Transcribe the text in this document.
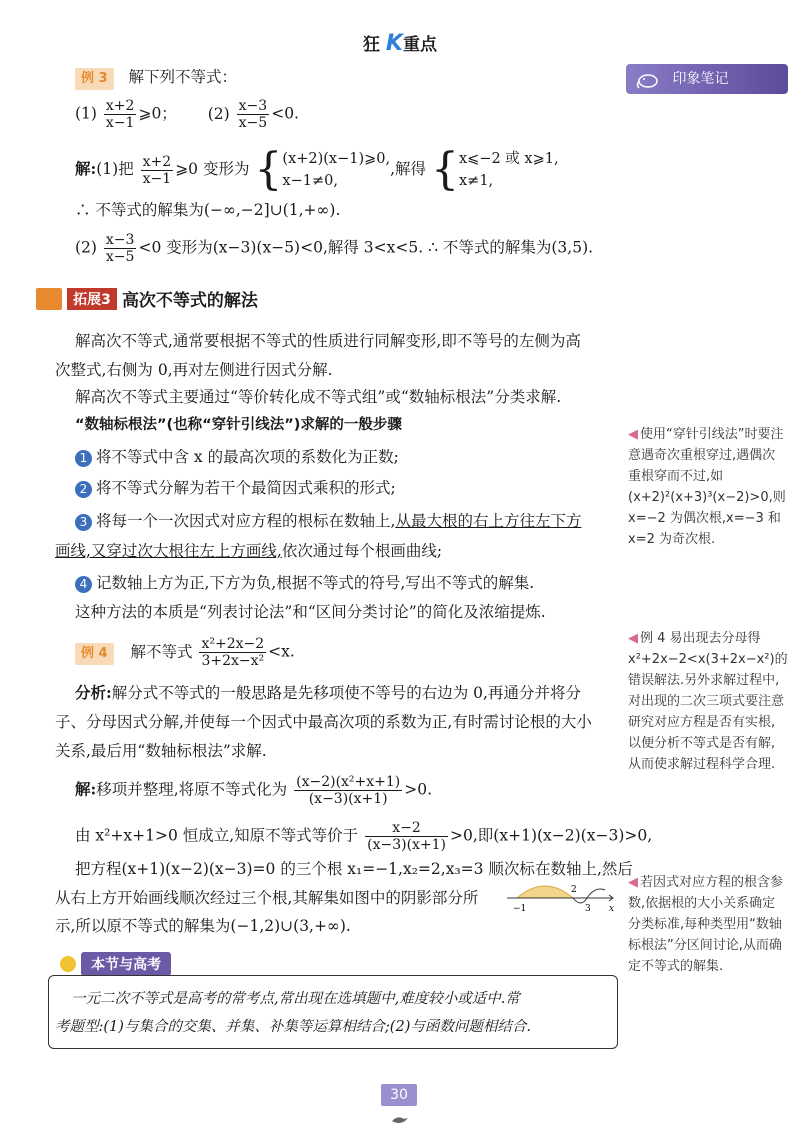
狂 K重点
印象笔记
例 3 解下列不等式：
$(1) \frac{x+2}{x-1}$ ⩾0； $(2) \frac{x-3}{x-5} <0$.
解:(1)把 $\frac{x+2}{x-1}$ ⩾0 变形为 { (x+2)(x−1)⩾0,
x−1≠0,
,解得 { x⩽−2 或 x⩾1,
x≠1,
∴ 不等式的解集为(−∞,−2]∪(1,+∞).
$(2) \frac{x-3}{x-5} <0$ 变形为(x−3)(x−5)<0,解得 3<x<5. ∴ 不等式的解集为(3,5).
拓展3 高次不等式的解法
解高次不等式,通常要根据不等式的性质进行同解变形,即不等号的左侧为高
次整式,右侧为 0,再对左侧进行因式分解.
解高次不等式主要通过“等价转化成不等式组”或“数轴标根法”分类求解.
“数轴标根法”(也称“穿针引线法”)求解的一般步骤
1 将不等式中含 x 的最高次项的系数化为正数;
2 将不等式分解为若干个最简因式乘积的形式;
3 将每一个一次因式对应方程的根标在数轴上,从最大根的右上方往左下方
画线,又穿过次大根往左上方画线,依次通过每个根画曲线;
4 记数轴上方为正,下方为负,根据不等式的符号,写出不等式的解集.
这种方法的本质是“列表讨论法”和“区间分类讨论”的简化及浓缩提炼.
例 4 解不等式 $\frac{\text{x²+2x−2}}{\text{3+2x−x²}} <x$.
分析:解分式不等式的一般思路是先移项使不等号的右边为 0,再通分并将分
子、分母因式分解,并使每一个因式中最高次项的系数为正,有时需讨论根的大小
关系,最后用“数轴标根法”求解.
解:移项并整理,将原不等式化为 $\frac{\text{(x−2)(x²+x+1)}}{(x-3)(x+1)} >0$.
由 x²+x+1>0 恒成立,知原不等式等价于 $\frac{x-2}{(x-3)(x+1)} >0$,即(x+1)(x−2)(x−3)>0,
把方程(x+1)(x−2)(x−3)=0 的三个根 x₁=−1,x₂=2,x₃=3 顺次标在数轴上,然后
从右上方开始画线顺次经过三个根,其解集如图中的阴影部分所
示,所以原不等式的解集为(−1,2)∪(3,+∞).
−1
2
3 x
本节与高考
一元二次不等式是高考的常考点,常出现在选填题中,难度较小或适中.常
考题型:(1)与集合的交集、并集、补集等运算相结合;(2)与函数问题相结合.
◀ 使用“穿针引线法”时要注意遇奇次重根穿过,遇偶次重根穿而不过,如(x+2)²(x+3)³(x−2)>0,则 x=−2 为偶次根,x=−3 和 x=2 为奇次根.
◀ 例 4 易出现去分母得 x²+2x−2<x(3+2x−x²)的错误解法.另外求解过程中,对出现的二次三项式要注意研究对应方程是否有实根,以便分析不等式是否有解,从而使求解过程科学合理.
◀ 若因式对应方程的根含参数,依据根的大小关系确定分类标准,每种类型用“数轴标根法”分区间讨论,从而确定不等式的解集.
30
